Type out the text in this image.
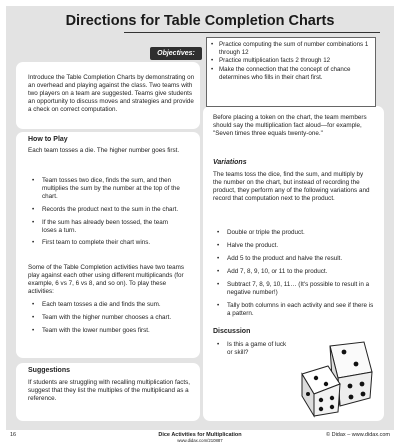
Directions for Table Completion Charts
Objectives:
• Practice computing the sum of number combinations 1 through 12
• Practice multiplication facts 2 through 12
• Make the connection that the concept of chance determines who fills in their chart first.
Introduce the Table Completion Charts by demonstrating on an overhead and playing against the class. Two teams with two players on a team are suggested. Teams give students an opportunity to discuss moves and strategies and provide a check on correct computation.
How to Play
Each team tosses a die. The higher number goes first.
• Team tosses two dice, finds the sum, and then multiplies the sum by the number at the top of the chart.
• Records the product next to the sum in the chart.
• If the sum has already been tossed, the team loses a turn.
• First team to complete their chart wins.
Some of the Table Completion activities have two teams play against each other using different multiplicands (for example, 6 vs 7, 6 vs 8, and so on). To play these activities:
• Each team tosses a die and finds the sum.
• Team with the higher number chooses a chart.
• Team with the lower number goes first.
Suggestions
If students are struggling with recalling multiplication facts, suggest that they list the multiples of the multiplicand as a reference.
Before placing a token on the chart, the team members should say the multiplication fact aloud—for example, "Seven times three equals twenty-one."
Variations
The teams toss the dice, find the sum, and multiply by the number on the chart, but instead of recording the product, they perform any of the following variations and record that computation next to the product.
• Double or triple the product.
• Halve the product.
• Add 5 to the product and halve the result.
• Add 7, 8, 9, 10, or 11 to the product.
• Subtract 7, 8, 9, 10, 11… (It's possible to result in a negative number!)
• Tally both columns in each activity and see if there is a pattern.
Discussion
• Is this a game of luck or skill?
16	Dice Activities for Multiplication
www.didax.com/210887
© Didax – www.didax.com
